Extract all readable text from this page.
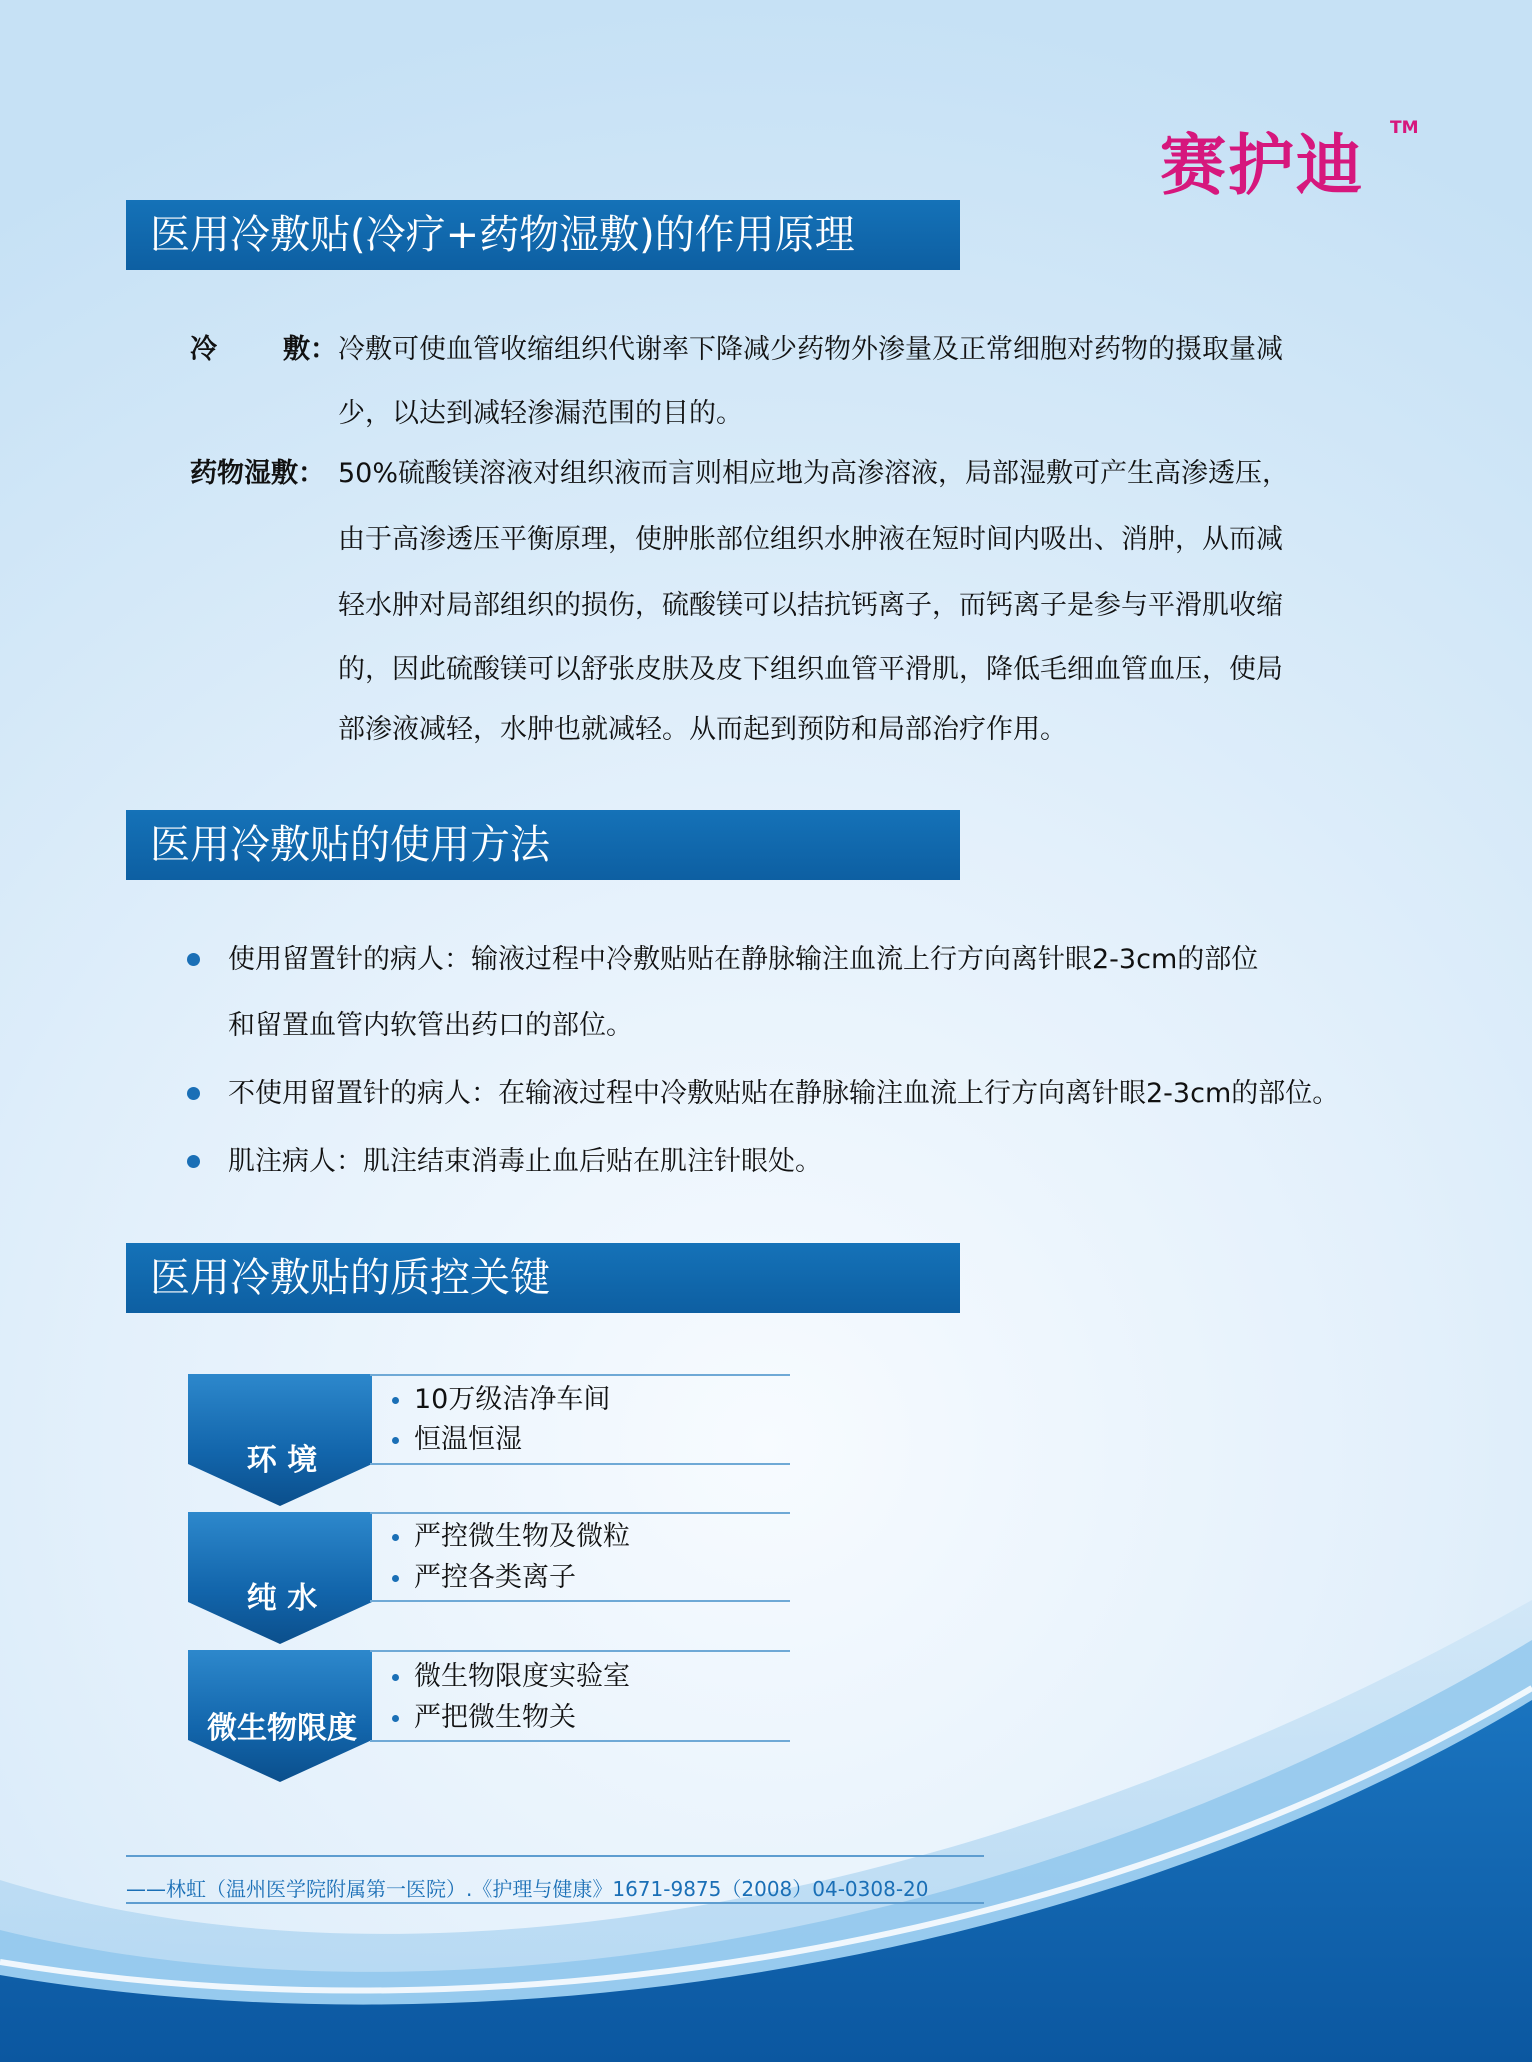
赛护迪 TM
医用冷敷贴(冷疗+药物湿敷)的作用原理
冷 敷： 冷敷可使血管收缩组织代谢率下降减少药物外渗量及正常细胞对药物的摄取量减
少，以达到减轻渗漏范围的目的。
药物湿敷： 50%硫酸镁溶液对组织液而言则相应地为高渗溶液，局部湿敷可产生高渗透压，
由于高渗透压平衡原理，使肿胀部位组织水肿液在短时间内吸出、消肿，从而减
轻水肿对局部组织的损伤，硫酸镁可以拮抗钙离子，而钙离子是参与平滑肌收缩
的，因此硫酸镁可以舒张皮肤及皮下组织血管平滑肌，降低毛细血管血压，使局
部渗液减轻，水肿也就减轻。从而起到预防和局部治疗作用。
医用冷敷贴的使用方法
使用留置针的病人：输液过程中冷敷贴贴在静脉输注血流上行方向离针眼2-3cm的部位
和留置血管内软管出药口的部位。
不使用留置针的病人：在输液过程中冷敷贴贴在静脉输注血流上行方向离针眼2-3cm的部位。
肌注病人：肌注结束消毒止血后贴在肌注针眼处。
医用冷敷贴的质控关键
环 境
纯 水
微生物限度
10万级洁净车间
恒温恒湿
严控微生物及微粒
严控各类离子
微生物限度实验室
严把微生物关
——林虹（温州医学院附属第一医院）.《护理与健康》1671-9875（2008）04-0308-20
